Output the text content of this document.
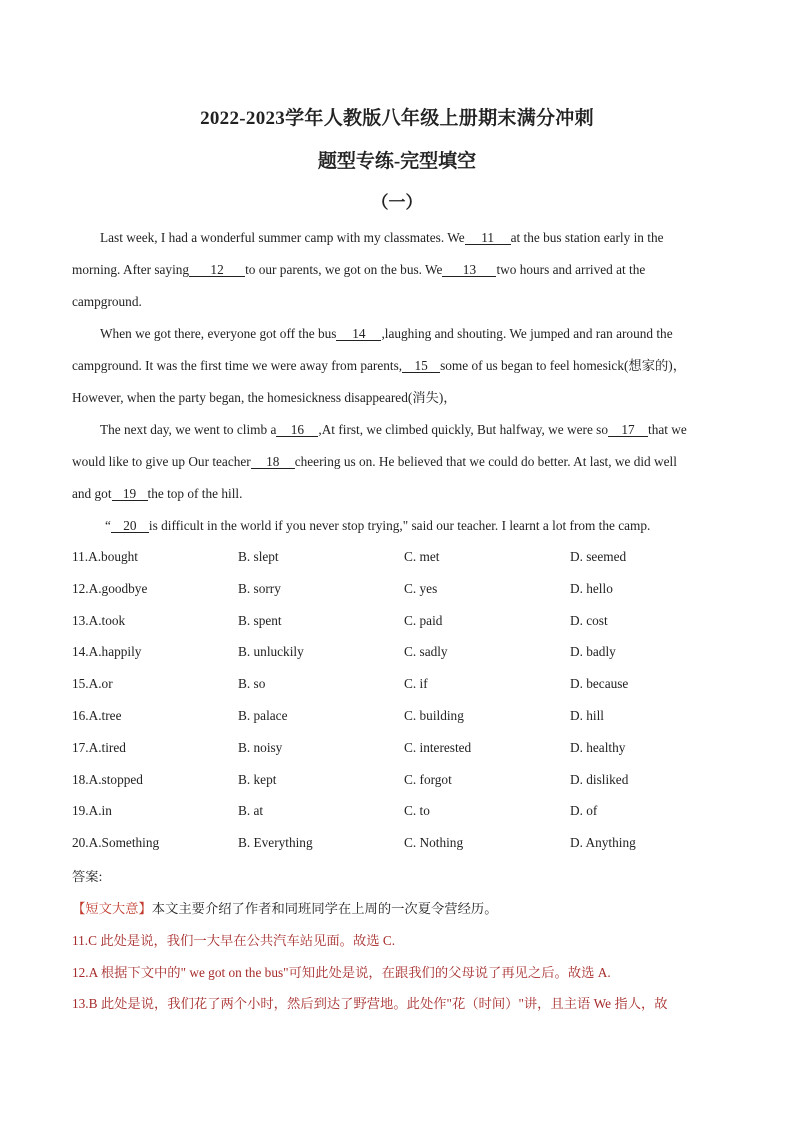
2022-2023学年人教版八年级上册期末满分冲刺
题型专练-完型填空
（一）
Last week, I had a wonderful summer camp with my classmates. We 11 at the bus station early in the
morning. After saying 12 to our parents, we got on the bus. We 13 two hours and arrived at the
campground.
When we got there, everyone got off the bus 14 ,laughing and shouting. We jumped and ran around the
campground. It was the first time we were away from parents, 15 some of us began to feel homesick(想家的)，
However, when the party began, the homesickness disappeared(消失)，
The next day, we went to climb a 16 ,At first, we climbed quickly, But halfway, we were so 17 that we
would like to give up Our teacher 18 cheering us on. He believed that we could do better. At last, we did well
and got 19 the top of the hill.
“ 20 is difficult in the world if you never stop trying," said our teacher. I learnt a lot from the camp.
11.A.bought	B. slept	C. met	D. seemed
12.A.goodbye	B. sorry	C. yes	D. hello
13.A.took	B. spent	C. paid	D. cost
14.A.happily	B. unluckily	C. sadly	D. badly
15.A.or	B. so	C. if	D. because
16.A.tree	B. palace	C. building	D. hill
17.A.tired	B. noisy	C. interested	D. healthy
18.A.stopped	B. kept	C. forgot	D. disliked
19.A.in	B. at	C. to	D. of
20.A.Something	B. Everything	C. Nothing	D. Anything
答案:
【短文大意】本文主要介绍了作者和同班同学在上周的一次夏令营经历。
11.C 此处是说，我们一大早在公共汽车站见面。故选 C.
12.A 根据下文中的" we got on the bus"可知此处是说，在跟我们的父母说了再见之后。故选 A.
13.B 此处是说，我们花了两个小时，然后到达了野营地。此处作"花（时间）"讲，且主语 We 指人，故
